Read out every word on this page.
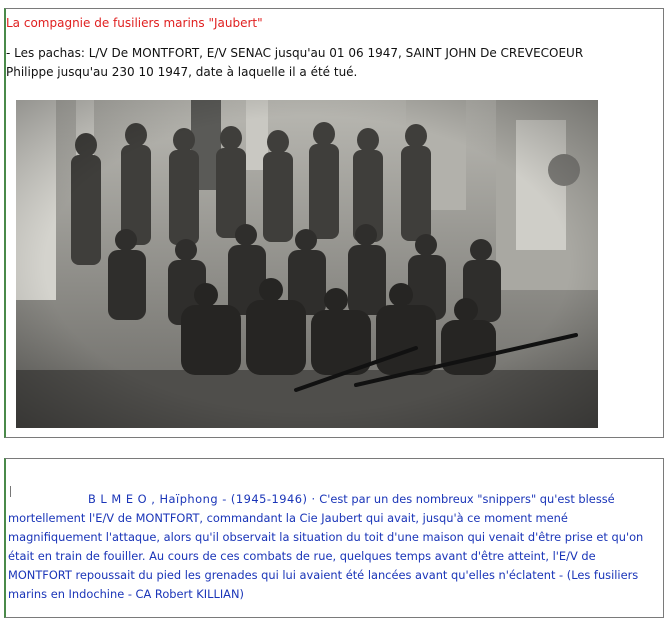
La compagnie de fusiliers marins "Jaubert"

- Les pachas: L/V De MONTFORT, E/V SENAC jusqu'au 01 06 1947, SAINT JOHN De CREVECOEUR
Philippe jusqu'au 230 10 1947, date à laquelle il a été tué.

B L M E O , Haïphong - (1945-1946) · C'est par un des nombreux "snippers" qu'est blessé mortellement l'E/V de MONTFORT, commandant la Cie Jaubert qui avait, jusqu'à ce moment mené magnifiquement l'attaque, alors qu'il observait la situation du toit d'une maison qui venait d'être prise et qu'on était en train de fouiller. Au cours de ces combats de rue, quelques temps avant d'être atteint, l'E/V de MONTFORT repoussait du pied les grenades qui lui avaient été lancées avant qu'elles n'éclatent - (Les fusiliers marins en Indochine - CA Robert KILLIAN)
